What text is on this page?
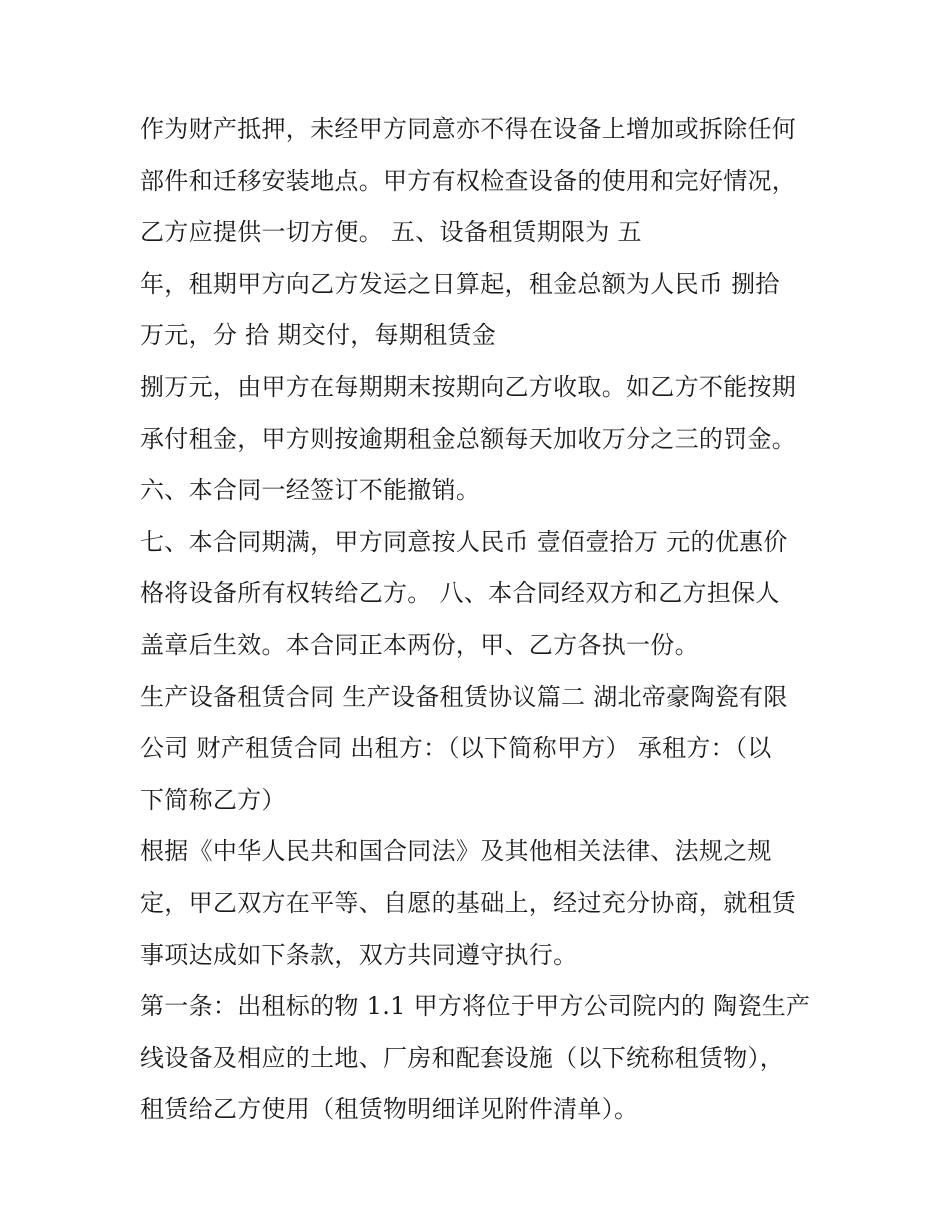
作为财产抵押，未经甲方同意亦不得在设备上增加或拆除任何
部件和迁移安装地点。甲方有权检查设备的使用和完好情况，
乙方应提供一切方便。 五、设备租赁期限为 五
年，租期甲方向乙方发运之日算起，租金总额为人民币 捌拾
万元，分 拾 期交付，每期租赁金
捌万元，由甲方在每期期末按期向乙方收取。如乙方不能按期
承付租金，甲方则按逾期租金总额每天加收万分之三的罚金。
六、本合同一经签订不能撤销。
七、本合同期满，甲方同意按人民币 壹佰壹拾万 元的优惠价
格将设备所有权转给乙方。 八、本合同经双方和乙方担保人
盖章后生效。本合同正本两份，甲、乙方各执一份。
生产设备租赁合同 生产设备租赁协议篇二 湖北帝豪陶瓷有限
公司 财产租赁合同 出租方：（以下简称甲方） 承租方：（以
下简称乙方）
根据《中华人民共和国合同法》及其他相关法律、法规之规
定，甲乙双方在平等、自愿的基础上，经过充分协商，就租赁
事项达成如下条款，双方共同遵守执行。
第一条：出租标的物 1.1 甲方将位于甲方公司院内的 陶瓷生产
线设备及相应的土地、厂房和配套设施（以下统称租赁物），
租赁给乙方使用（租赁物明细详见附件清单）。
